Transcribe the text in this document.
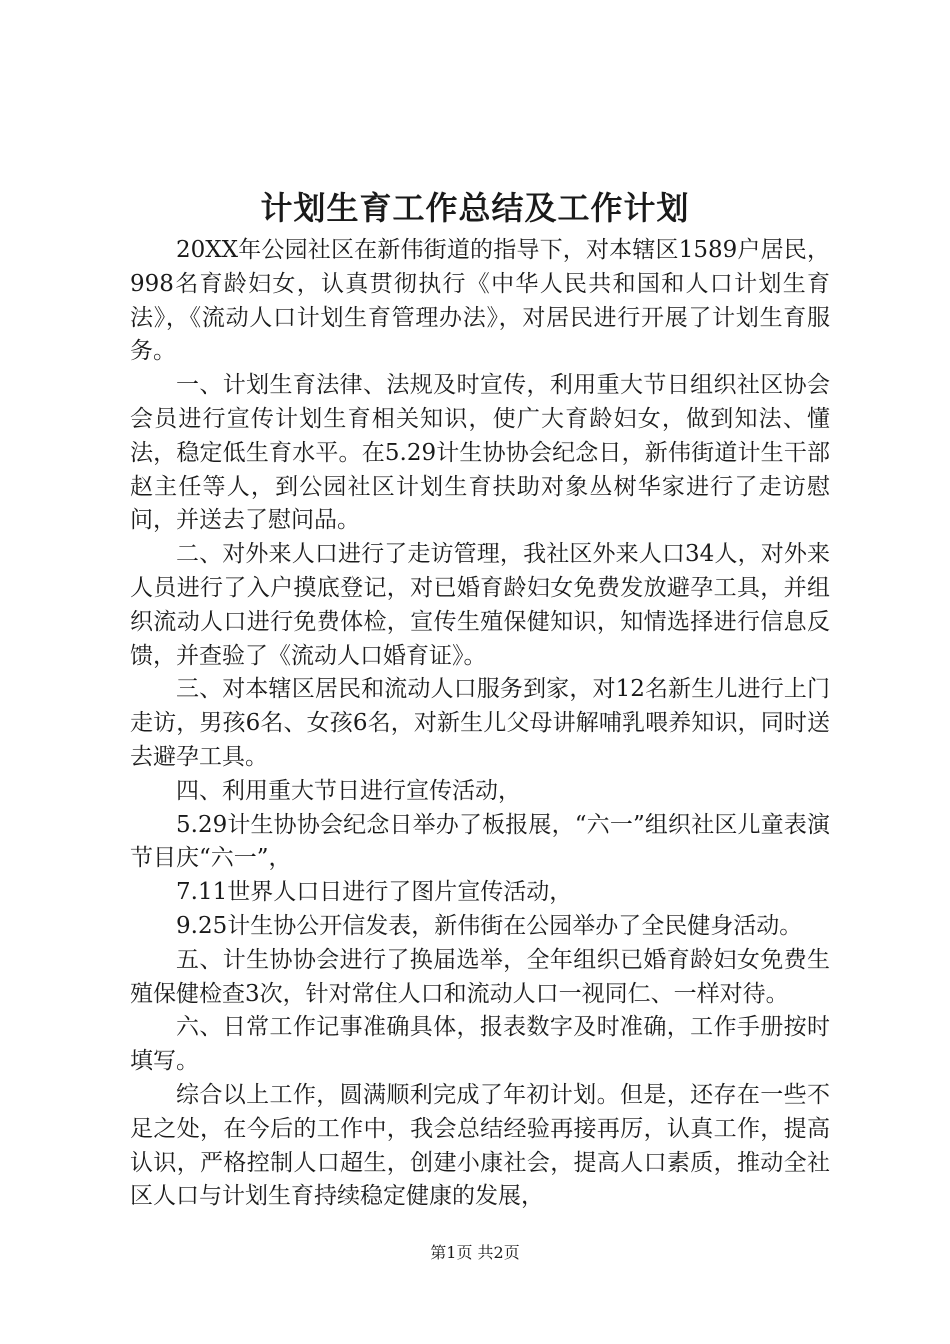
计划生育工作总结及工作计划

20XX年公园社区在新伟街道的指导下，对本辖区1589户居民，998名育龄妇女，认真贯彻执行《中华人民共和国和人口计划生育法》，《流动人口计划生育管理办法》，对居民进行开展了计划生育服务。

一、计划生育法律、法规及时宣传，利用重大节日组织社区协会会员进行宣传计划生育相关知识，使广大育龄妇女，做到知法、懂法，稳定低生育水平。在5.29计生协协会纪念日，新伟街道计生干部赵主任等人，到公园社区计划生育扶助对象丛树华家进行了走访慰问，并送去了慰问品。

二、对外来人口进行了走访管理，我社区外来人口34人，对外来人员进行了入户摸底登记，对已婚育龄妇女免费发放避孕工具，并组织流动人口进行免费体检，宣传生殖保健知识，知情选择进行信息反馈，并查验了《流动人口婚育证》。

三、对本辖区居民和流动人口服务到家，对12名新生儿进行上门走访，男孩6名、女孩6名，对新生儿父母讲解哺乳喂养知识，同时送去避孕工具。

四、利用重大节日进行宣传活动，

5.29计生协协会纪念日举办了板报展，“六一”组织社区儿童表演节目庆“六一”，

7.11世界人口日进行了图片宣传活动，

9.25计生协公开信发表，新伟街在公园举办了全民健身活动。

五、计生协协会进行了换届选举，全年组织已婚育龄妇女免费生殖保健检查3次，针对常住人口和流动人口一视同仁、一样对待。

六、日常工作记事准确具体，报表数字及时准确，工作手册按时填写。

综合以上工作，圆满顺利完成了年初计划。但是，还存在一些不足之处，在今后的工作中，我会总结经验再接再厉，认真工作，提高认识，严格控制人口超生，创建小康社会，提高人口素质，推动全社区人口与计划生育持续稳定健康的发展，

第1页 共2页
